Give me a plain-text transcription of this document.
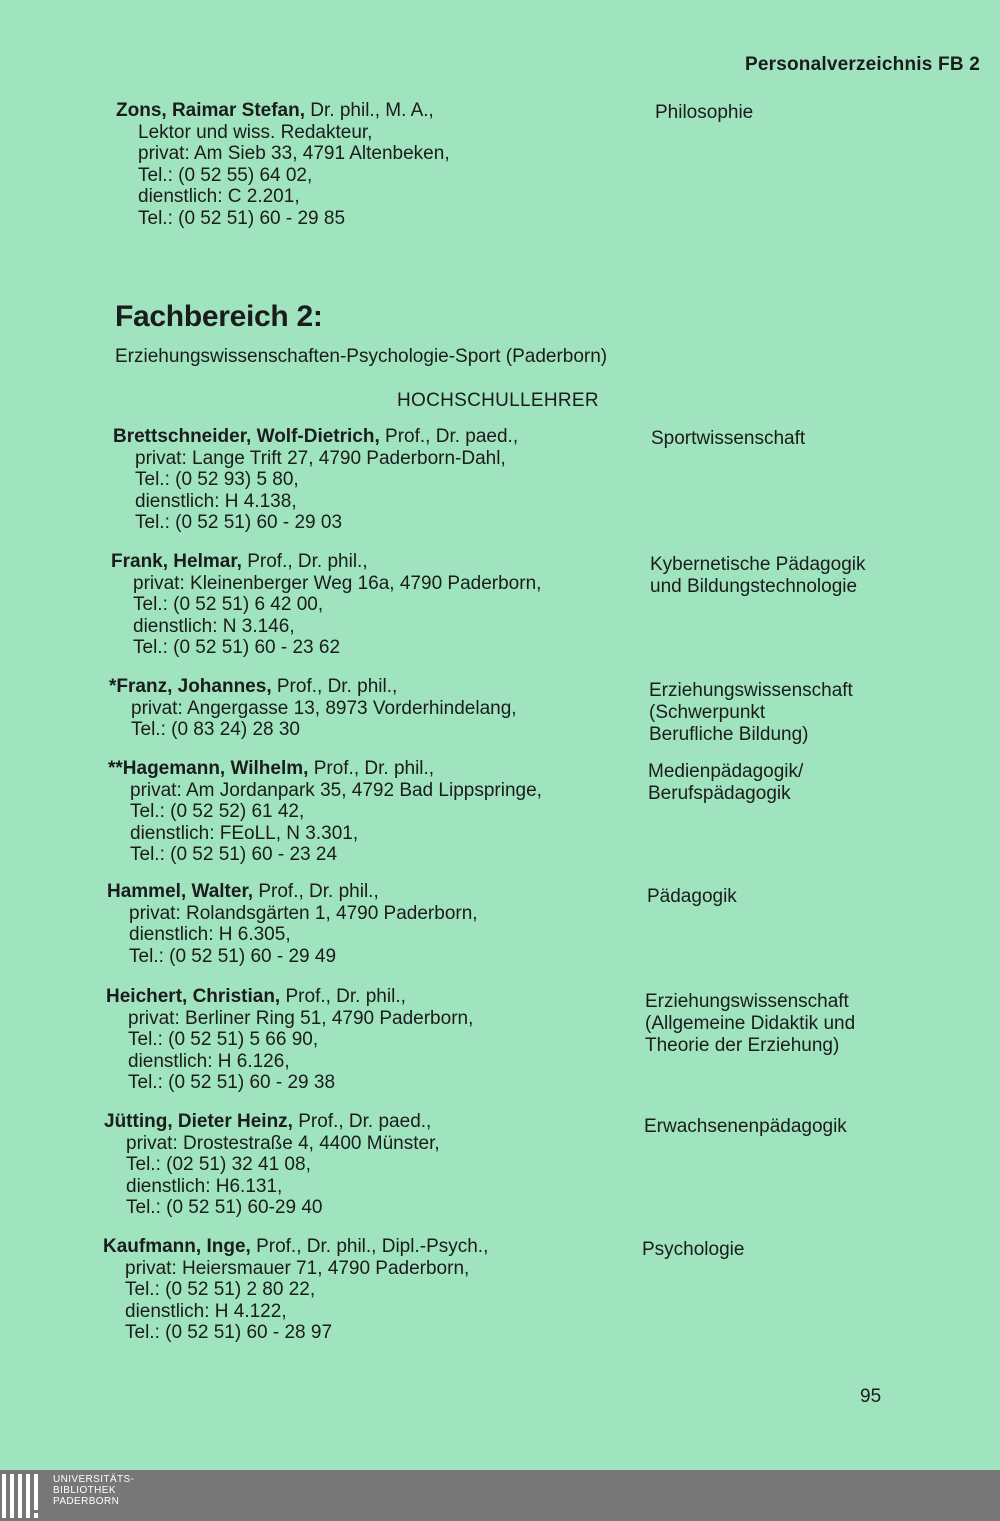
Personalverzeichnis FB 2
Zons, Raimar Stefan, Dr. phil., M. A.,
Lektor und wiss. Redakteur,
privat: Am Sieb 33, 4791 Altenbeken,
Tel.: (0 52 55) 64 02,
dienstlich: C 2.201,
Tel.: (0 52 51) 60 - 29 85
Philosophie
Fachbereich 2:
Erziehungswissenschaften-Psychologie-Sport (Paderborn)
HOCHSCHULLEHRER
Brettschneider, Wolf-Dietrich, Prof., Dr. paed.,
privat: Lange Trift 27, 4790 Paderborn-Dahl,
Tel.: (0 52 93) 5 80,
dienstlich: H 4.138,
Tel.: (0 52 51) 60 - 29 03
Sportwissenschaft
Frank, Helmar, Prof., Dr. phil.,
privat: Kleinenberger Weg 16a, 4790 Paderborn,
Tel.: (0 52 51) 6 42 00,
dienstlich: N 3.146,
Tel.: (0 52 51) 60 - 23 62
Kybernetische Pädagogik
und Bildungstechnologie
*Franz, Johannes, Prof., Dr. phil.,
privat: Angergasse 13, 8973 Vorderhindelang,
Tel.: (0 83 24) 28 30
Erziehungswissenschaft
(Schwerpunkt
Berufliche Bildung)
**Hagemann, Wilhelm, Prof., Dr. phil.,
privat: Am Jordanpark 35, 4792 Bad Lippspringe,
Tel.: (0 52 52) 61 42,
dienstlich: FEoLL, N 3.301,
Tel.: (0 52 51) 60 - 23 24
Medienpädagogik/
Berufspädagogik
Hammel, Walter, Prof., Dr. phil.,
privat: Rolandsgärten 1, 4790 Paderborn,
dienstlich: H 6.305,
Tel.: (0 52 51) 60 - 29 49
Pädagogik
Heichert, Christian, Prof., Dr. phil.,
privat: Berliner Ring 51, 4790 Paderborn,
Tel.: (0 52 51) 5 66 90,
dienstlich: H 6.126,
Tel.: (0 52 51) 60 - 29 38
Erziehungswissenschaft
(Allgemeine Didaktik und
Theorie der Erziehung)
Jütting, Dieter Heinz, Prof., Dr. paed.,
privat: Drostestraße 4, 4400 Münster,
Tel.: (02 51) 32 41 08,
dienstlich: H6.131,
Tel.: (0 52 51) 60-29 40
Erwachsenenpädagogik
Kaufmann, Inge, Prof., Dr. phil., Dipl.-Psych.,
privat: Heiersmauer 71, 4790 Paderborn,
Tel.: (0 52 51) 2 80 22,
dienstlich: H 4.122,
Tel.: (0 52 51) 60 - 28 97
Psychologie
95
UNIVERSITÄTS-
BIBLIOTHEK
PADERBORN
